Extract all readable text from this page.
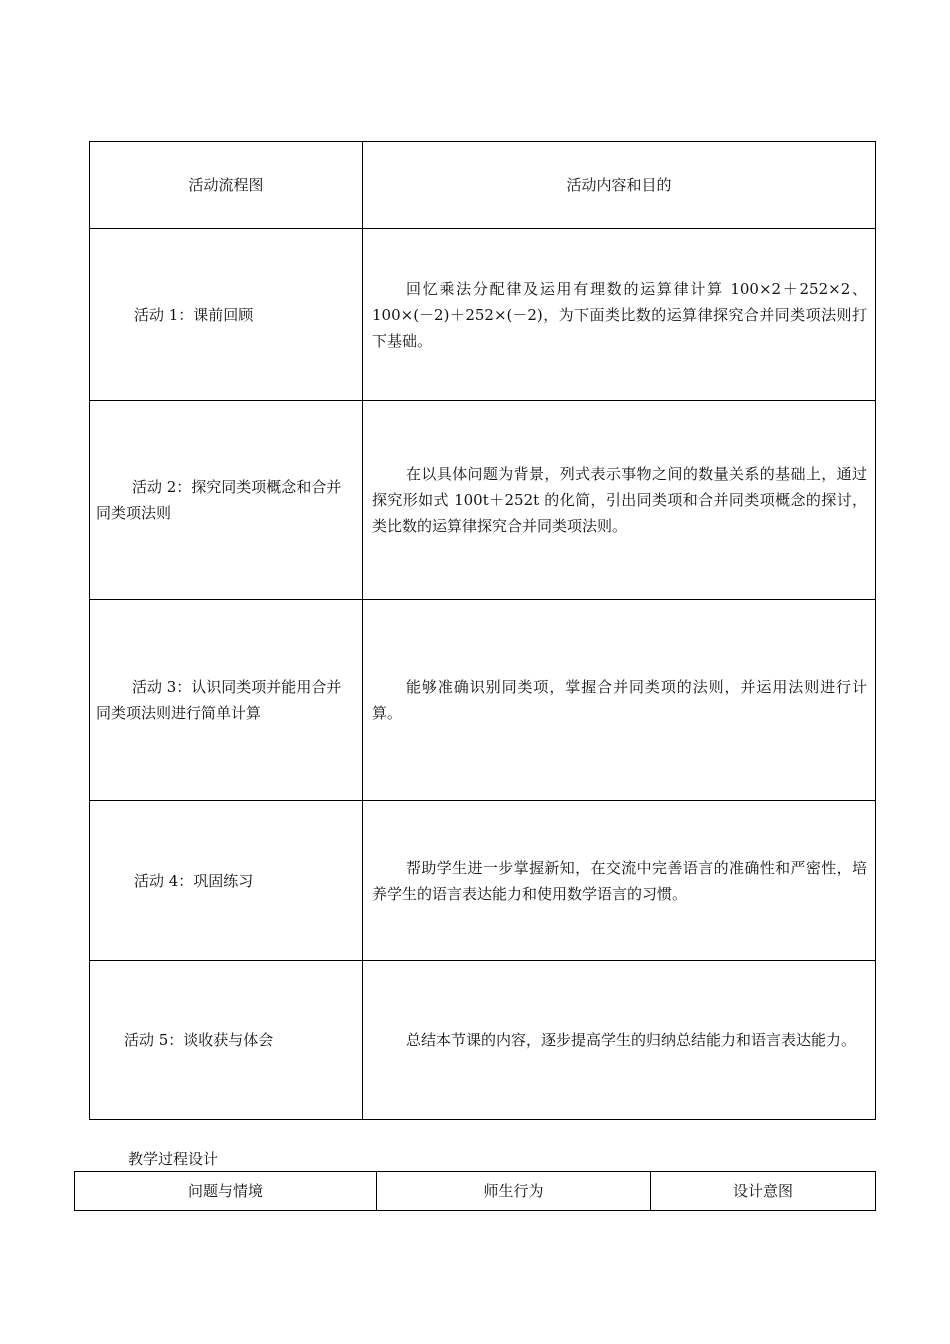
活动流程图	活动内容和目的
活动 1：课前回顾	回忆乘法分配律及运用有理数的运算律计算 100×2＋252×2、100×(－2)＋252×(－2)，为下面类比数的运算律探究合并同类项法则打下基础。
活动 2：探究同类项概念和合并同类项法则	在以具体问题为背景，列式表示事物之间的数量关系的基础上，通过探究形如式 100t＋252t 的化简，引出同类项和合并同类项概念的探讨，类比数的运算律探究合并同类项法则。
活动 3：认识同类项并能用合并同类项法则进行简单计算	能够准确识别同类项，掌握合并同类项的法则，并运用法则进行计算。
活动 4：巩固练习	帮助学生进一步掌握新知，在交流中完善语言的准确性和严密性，培养学生的语言表达能力和使用数学语言的习惯。
活动 5：谈收获与体会	总结本节课的内容，逐步提高学生的归纳总结能力和语言表达能力。
教学过程设计
问题与情境	师生行为	设计意图
